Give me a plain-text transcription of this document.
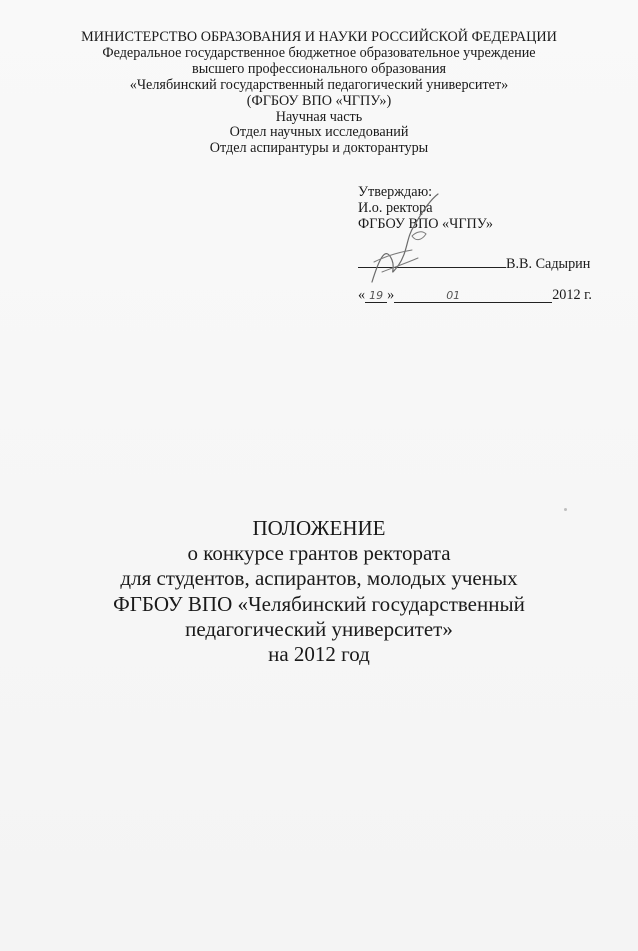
МИНИСТЕРСТВО ОБРАЗОВАНИЯ И НАУКИ РОССИЙСКОЙ ФЕДЕРАЦИИ
Федеральное государственное бюджетное образовательное учреждение
высшего профессионального образования
«Челябинский государственный педагогический университет»
(ФГБОУ ВПО «ЧГПУ»)
Научная часть
Отдел научных исследований
Отдел аспирантуры и докторантуры
Утверждаю:
И.о. ректора
ФГБОУ ВПО «ЧГПУ»
В.В. Садырин
« 19 »	01	2012 г.
ПОЛОЖЕНИЕ
о конкурсе грантов ректората
для студентов, аспирантов, молодых ученых
ФГБОУ ВПО «Челябинский государственный
педагогический университет»
на 2012 год
